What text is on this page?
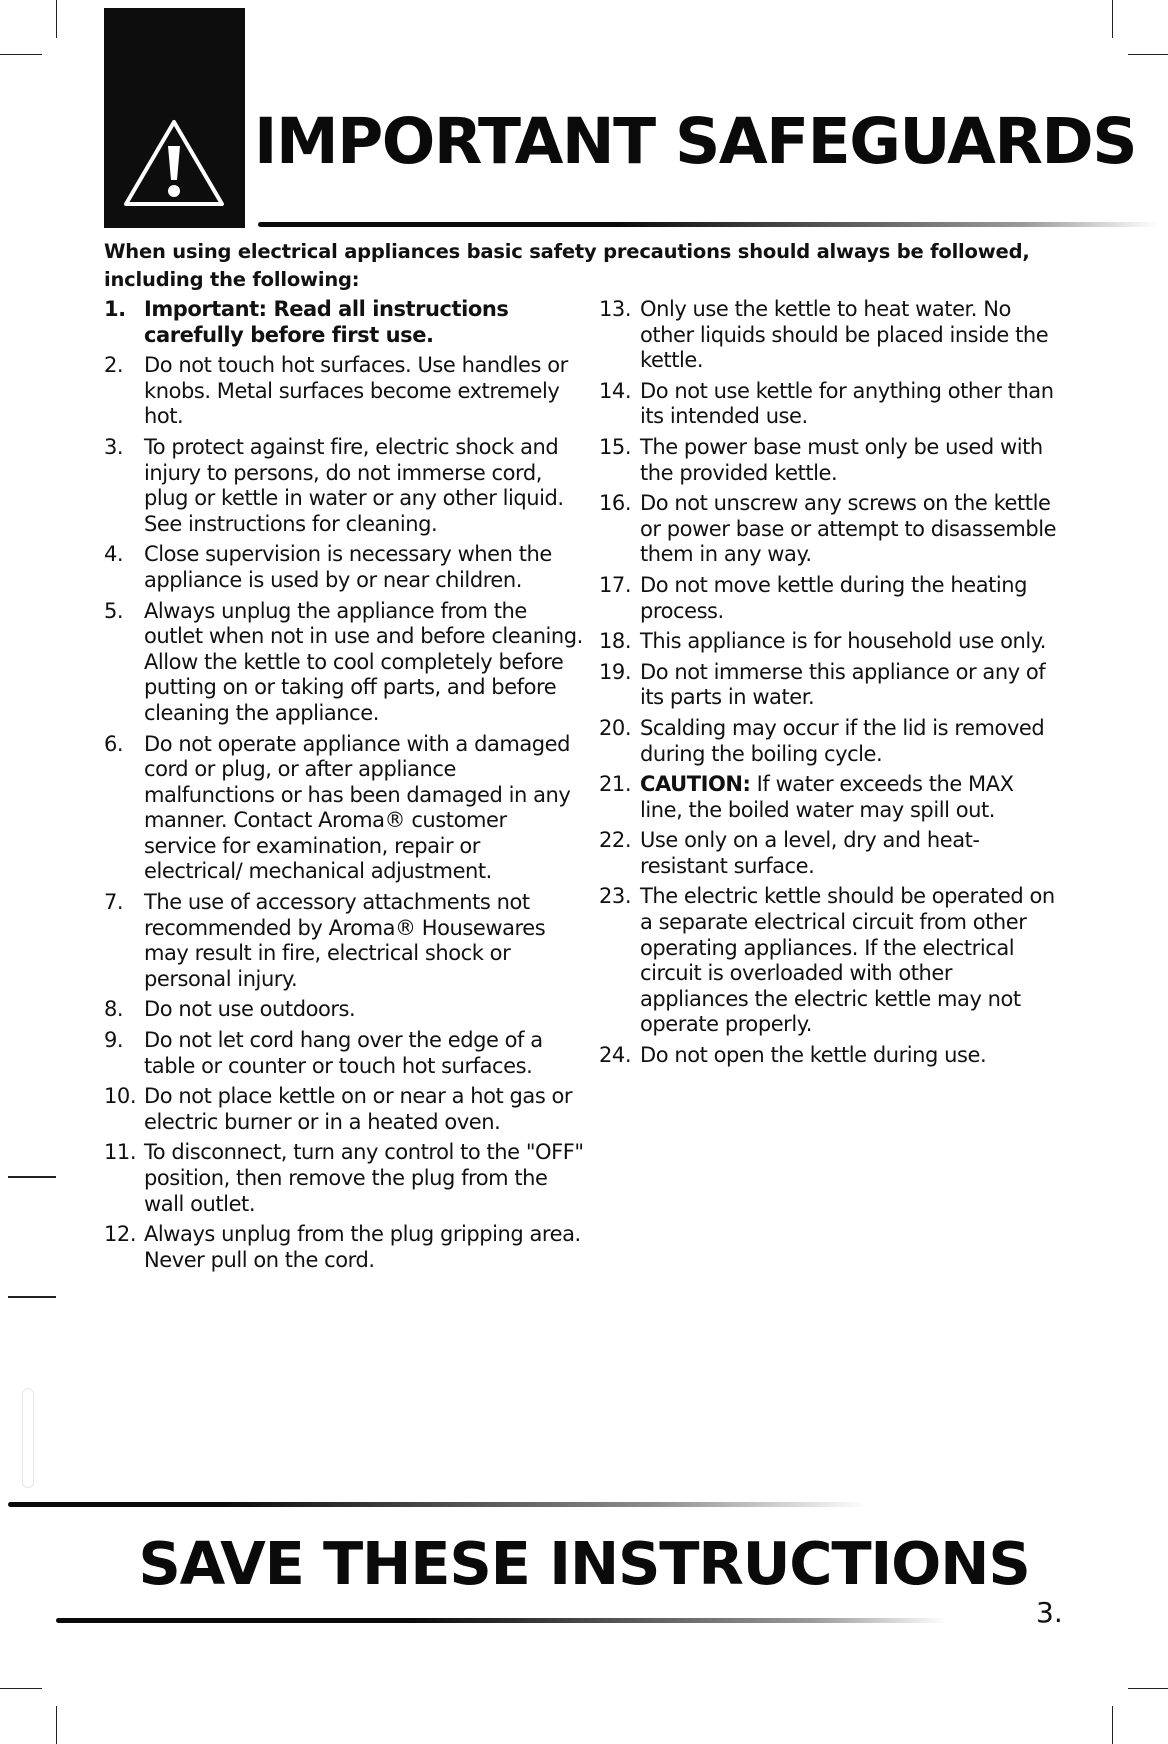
IMPORTANT SAFEGUARDS

When using electrical appliances basic safety precautions should always be followed, including the following:

1. Important: Read all instructions carefully before first use.
2. Do not touch hot surfaces. Use handles or knobs. Metal surfaces become extremely hot.
3. To protect against fire, electric shock and injury to persons, do not immerse cord, plug or kettle in water or any other liquid. See instructions for cleaning.
4. Close supervision is necessary when the appliance is used by or near children.
5. Always unplug the appliance from the outlet when not in use and before cleaning. Allow the kettle to cool completely before putting on or taking off parts, and before cleaning the appliance.
6. Do not operate appliance with a damaged cord or plug, or after appliance malfunctions or has been damaged in any manner. Contact Aroma® customer service for examination, repair or electrical/ mechanical adjustment.
7. The use of accessory attachments not recommended by Aroma® Housewares may result in fire, electrical shock or personal injury.
8. Do not use outdoors.
9. Do not let cord hang over the edge of a table or counter or touch hot surfaces.
10. Do not place kettle on or near a hot gas or electric burner or in a heated oven.
11. To disconnect, turn any control to the "OFF" position, then remove the plug from the wall outlet.
12. Always unplug from the plug gripping area. Never pull on the cord.
13. Only use the kettle to heat water. No other liquids should be placed inside the kettle.
14. Do not use kettle for anything other than its intended use.
15. The power base must only be used with the provided kettle.
16. Do not unscrew any screws on the kettle or power base or attempt to disassemble them in any way.
17. Do not move kettle during the heating process.
18. This appliance is for household use only.
19. Do not immerse this appliance or any of its parts in water.
20. Scalding may occur if the lid is removed during the boiling cycle.
21. CAUTION: If water exceeds the MAX line, the boiled water may spill out.
22. Use only on a level, dry and heat-resistant surface.
23. The electric kettle should be operated on a separate electrical circuit from other operating appliances. If the electrical circuit is overloaded with other appliances the electric kettle may not operate properly.
24. Do not open the kettle during use.
SAVE THESE INSTRUCTIONS
3.
